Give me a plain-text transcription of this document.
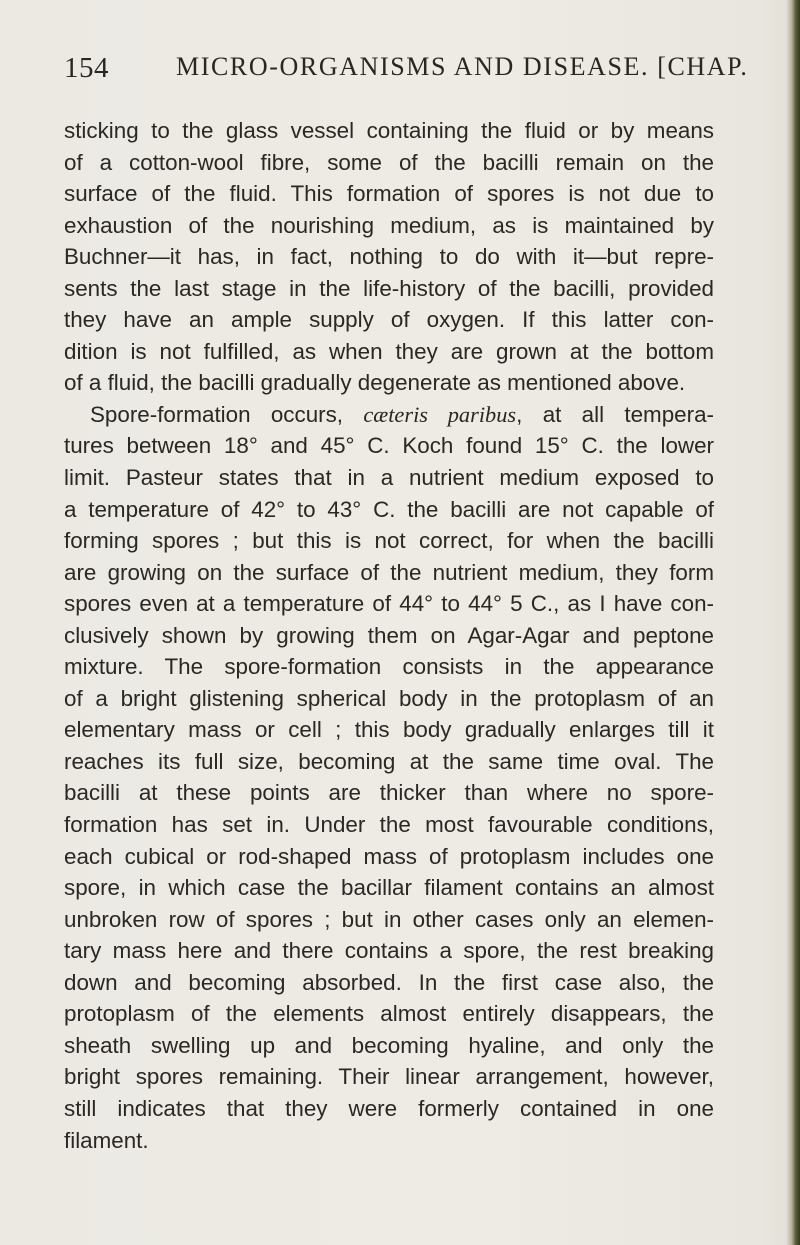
154	MICRO-ORGANISMS AND DISEASE. [CHAP.
sticking to the glass vessel containing the fluid or by means
of a cotton-wool fibre, some of the bacilli remain on the
surface of the fluid. This formation of spores is not due to
exhaustion of the nourishing medium, as is maintained by
Buchner—it has, in fact, nothing to do with it—but repre-
sents the last stage in the life-history of the bacilli, provided
they have an ample supply of oxygen. If this latter con-
dition is not fulfilled, as when they are grown at the bottom
of a fluid, the bacilli gradually degenerate as mentioned above.
Spore-formation occurs, cæteris paribus, at all tempera-
tures between 18° and 45° C. Koch found 15° C. the lower
limit. Pasteur states that in a nutrient medium exposed to
a temperature of 42° to 43° C. the bacilli are not capable of
forming spores ; but this is not correct, for when the bacilli
are growing on the surface of the nutrient medium, they form
spores even at a temperature of 44° to 44° 5 C., as I have con-
clusively shown by growing them on Agar-Agar and peptone
mixture. The spore-formation consists in the appearance
of a bright glistening spherical body in the protoplasm of an
elementary mass or cell ; this body gradually enlarges till it
reaches its full size, becoming at the same time oval. The
bacilli at these points are thicker than where no spore-
formation has set in. Under the most favourable conditions,
each cubical or rod-shaped mass of protoplasm includes one
spore, in which case the bacillar filament contains an almost
unbroken row of spores ; but in other cases only an elemen-
tary mass here and there contains a spore, the rest breaking
down and becoming absorbed. In the first case also, the
protoplasm of the elements almost entirely disappears, the
sheath swelling up and becoming hyaline, and only the
bright spores remaining. Their linear arrangement, however,
still indicates that they were formerly contained in one
filament.
